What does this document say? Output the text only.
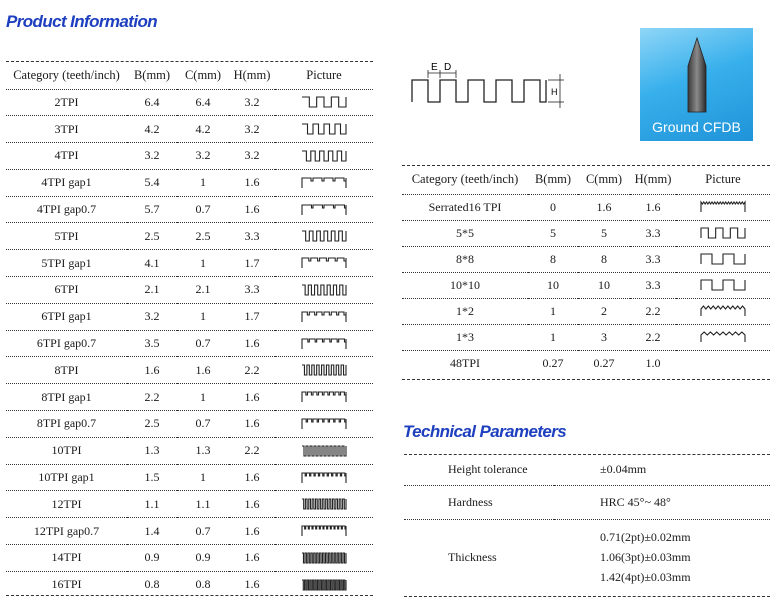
Product Information
Category (teeth/inch)	B(mm)	C(mm)	H(mm)	Picture
2TPI	6.4	6.4	3.2	

3TPI	4.2	4.2	3.2	

4TPI	3.2	3.2	3.2	

4TPI gap1	5.4	1	1.6	

4TPI gap0.7	5.7	0.7	1.6	

5TPI	2.5	2.5	3.3	

5TPI gap1	4.1	1	1.7	

6TPI	2.1	2.1	3.3	

6TPI gap1	3.2	1	1.7	

6TPI gap0.7	3.5	0.7	1.6	

8TPI	1.6	1.6	2.2	

8TPI gap1	2.2	1	1.6	

8TPI gap0.7	2.5	0.7	1.6	

10TPI	1.3	1.3	2.2	

10TPI gap1	1.5	1	1.6	

12TPI	1.1	1.1	1.6	

12TPI gap0.7	1.4	0.7	1.6	

14TPI	0.9	0.9	1.6	

16TPI	0.8	0.8	1.6	
E D
H
Ground CFDB
Category (teeth/inch)	B(mm)	C(mm)	H(mm)	Picture
Serrated16 TPI	0	1.6	1.6	

5*5	5	5	3.3	

8*8	8	8	3.3	

10*10	10	10	3.3	

1*2	1	2	2.2	

1*3	1	3	2.2	

48TPI	0.27	0.27	1.0	
Technical Parameters
Height tolerance	±0.04mm
Hardness	HRC 45°~ 48°
Thickness	0.71(2pt)±0.02mm
1.06(3pt)±0.03mm
1.42(4pt)±0.03mm
